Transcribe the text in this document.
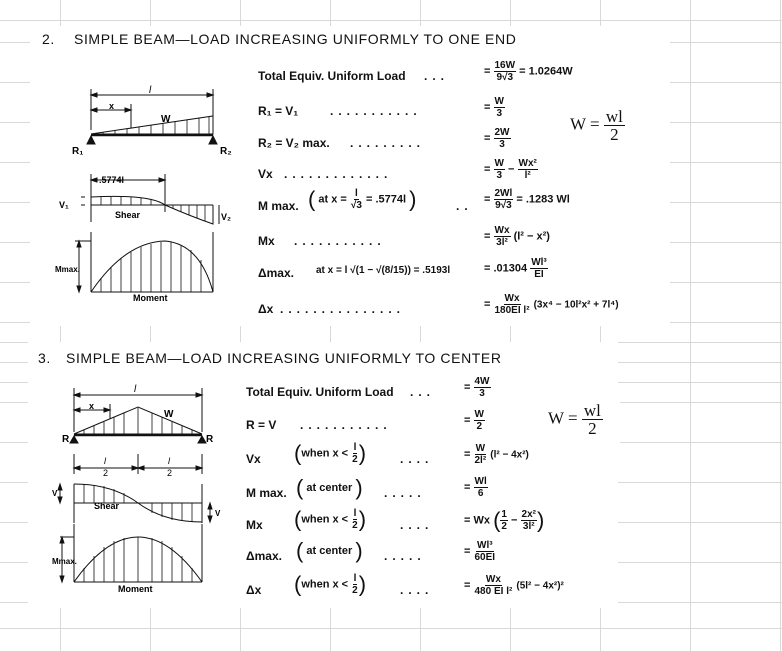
2. SIMPLE BEAM—LOAD INCREASING UNIFORMLY TO ONE END
x
l
W
R₁	R₂
.5774l
V₁
V₂
Shear
Mmax.
Moment
Total Equiv. Uniform Load ...	= $\frac{16W}{9√3} = 1.0264W$
R₁ = V₁	...........	= $\frac{W}{3}$
R₂ = V₂ max. .........	= $\frac{2W}{3}$
Vx .............	= $\frac{W}{3} - \frac{\text{Wx²}}{\text{l²}}$
M max. ( at $x = \frac{l}{√3} = .5774l$ )	.. = $\frac{2Wl}{9√3} = .1283$ Wl
Mx ...........	= $\frac{Wx}{\text{3l²}} (l^2 - x^2)$
Δmax. at x = l √(1 − √(8/15)) = .5193l	= $.01304 \frac{\text{Wl³}}{EI}$
Δx ...............	= $\frac{Wx}{\text{180EI l²}} (3x^4 - 10l^2x^2 + 7l^4)$
$W = \frac{wl}{2}$
3. SIMPLE BEAM—LOAD INCREASING UNIFORMLY TO CENTER
x
l
W
R	R
l
2
l
2
V
V
Shear
Mmax.
Moment
Total Equiv. Uniform Load ...	= $\frac{4W}{3}$
R = V ...........	= $\frac{W}{2}$
Vx (when $x < \frac{l}{2}$ )	....	= $\frac{W}{\text{2l²}} (l^2 - 4x^2)$
M max. ( at center ) .....	= $\frac{Wl}{6}$
Mx (when $x < \frac{l}{2}$ )	....	= Wx ( $\frac{1}{2} - \frac{\text{2x²}}{\text{3l²}}$ )
Δmax. ( at center ) .....	= $\frac{\text{Wl³}}{60EI}$
Δx (when $x < \frac{l}{2}$ )	....	= $\frac{Wx}{\text{480 EI l²}} (5l^2 - 4x^2)^2$
$W = \frac{wl}{2}$
